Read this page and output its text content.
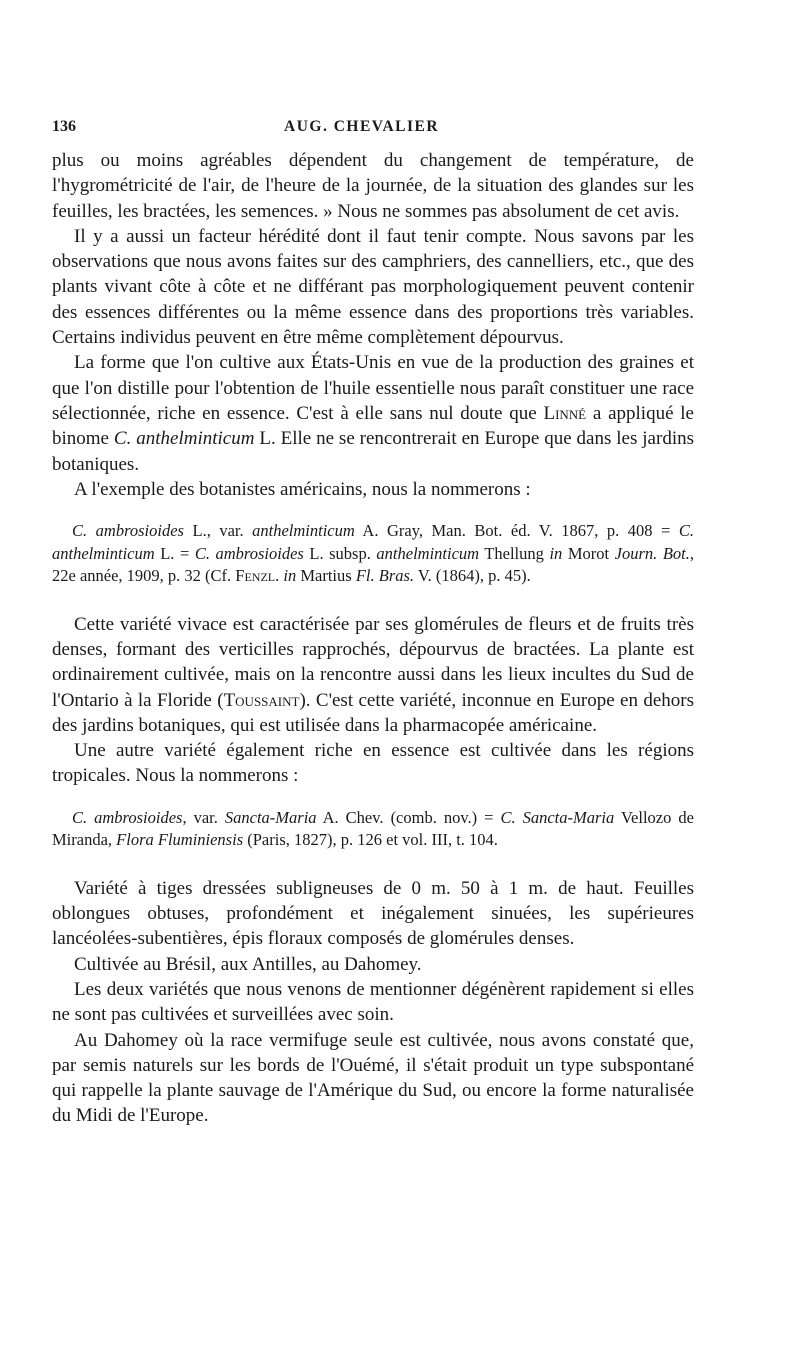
136	AUG. CHEVALIER

plus ou moins agréables dépendent du changement de température, de l'hygrométricité de l'air, de l'heure de la journée, de la situation des glandes sur les feuilles, les bractées, les semences. » Nous ne sommes pas absolument de cet avis.

Il y a aussi un facteur hérédité dont il faut tenir compte. Nous savons par les observations que nous avons faites sur des camphriers, des cannelliers, etc., que des plants vivant côte à côte et ne différant pas morphologiquement peuvent contenir des essences différentes ou la même essence dans des proportions très variables. Certains individus peuvent en être même complètement dépourvus.

La forme que l'on cultive aux États-Unis en vue de la production des graines et que l'on distille pour l'obtention de l'huile essentielle nous paraît constituer une race sélectionnée, riche en essence. C'est à elle sans nul doute que Linné a appliqué le binome C. anthelminticum L. Elle ne se rencontrerait en Europe que dans les jardins botaniques.

A l'exemple des botanistes américains, nous la nommerons :

C. ambrosioides L., var. anthelminticum A. Gray, Man. Bot. éd. V. 1867, p. 408 = C. anthelminticum L. = C. ambrosioides L. subsp. anthelminticum Thellung in Morot Journ. Bot., 22e année, 1909, p. 32 (Cf. Fenzl. in Martius Fl. Bras. V. (1864), p. 45).

Cette variété vivace est caractérisée par ses glomérules de fleurs et de fruits très denses, formant des verticilles rapprochés, dépourvus de bractées. La plante est ordinairement cultivée, mais on la rencontre aussi dans les lieux incultes du Sud de l'Ontario à la Floride (Toussaint). C'est cette variété, inconnue en Europe en dehors des jardins botaniques, qui est utilisée dans la pharmacopée américaine.

Une autre variété également riche en essence est cultivée dans les régions tropicales. Nous la nommerons :

C. ambrosioides, var. Sancta-Maria A. Chev. (comb. nov.) = C. Sancta-Maria Vellozo de Miranda, Flora Fluminiensis (Paris, 1827), p. 126 et vol. III, t. 104.

Variété à tiges dressées subligneuses de 0 m. 50 à 1 m. de haut. Feuilles oblongues obtuses, profondément et inégalement sinuées, les supérieures lancéolées-subentières, épis floraux composés de glomérules denses.

Cultivée au Brésil, aux Antilles, au Dahomey.

Les deux variétés que nous venons de mentionner dégénèrent rapidement si elles ne sont pas cultivées et surveillées avec soin.

Au Dahomey où la race vermifuge seule est cultivée, nous avons constaté que, par semis naturels sur les bords de l'Ouémé, il s'était produit un type subspontané qui rappelle la plante sauvage de l'Amérique du Sud, ou encore la forme naturalisée du Midi de l'Europe.
